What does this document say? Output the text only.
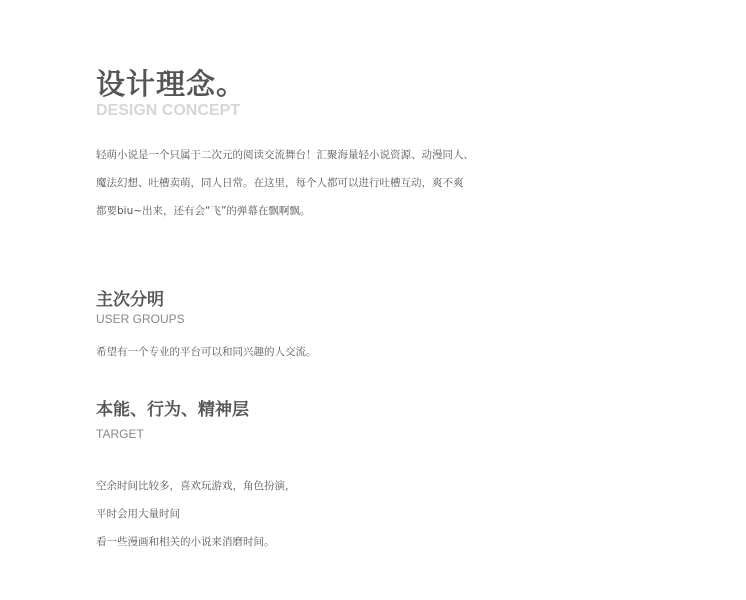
设计理念。
DESIGN CONCEPT
轻萌小说是一个只属于二次元的阅读交流舞台！汇聚海量轻小说资源、动漫同人、
魔法幻想、吐槽卖萌，同人日常。在这里，每个人都可以进行吐槽互动，爽不爽
都要biu~出来，还有会“飞”的弹幕在飘啊飘。
主次分明
USER GROUPS
希望有一个专业的平台可以和同兴趣的人交流。
本能、行为、精神层
TARGET
空余时间比较多，喜欢玩游戏，角色扮演，
平时会用大量时间
看一些漫画和相关的小说来消磨时间。
